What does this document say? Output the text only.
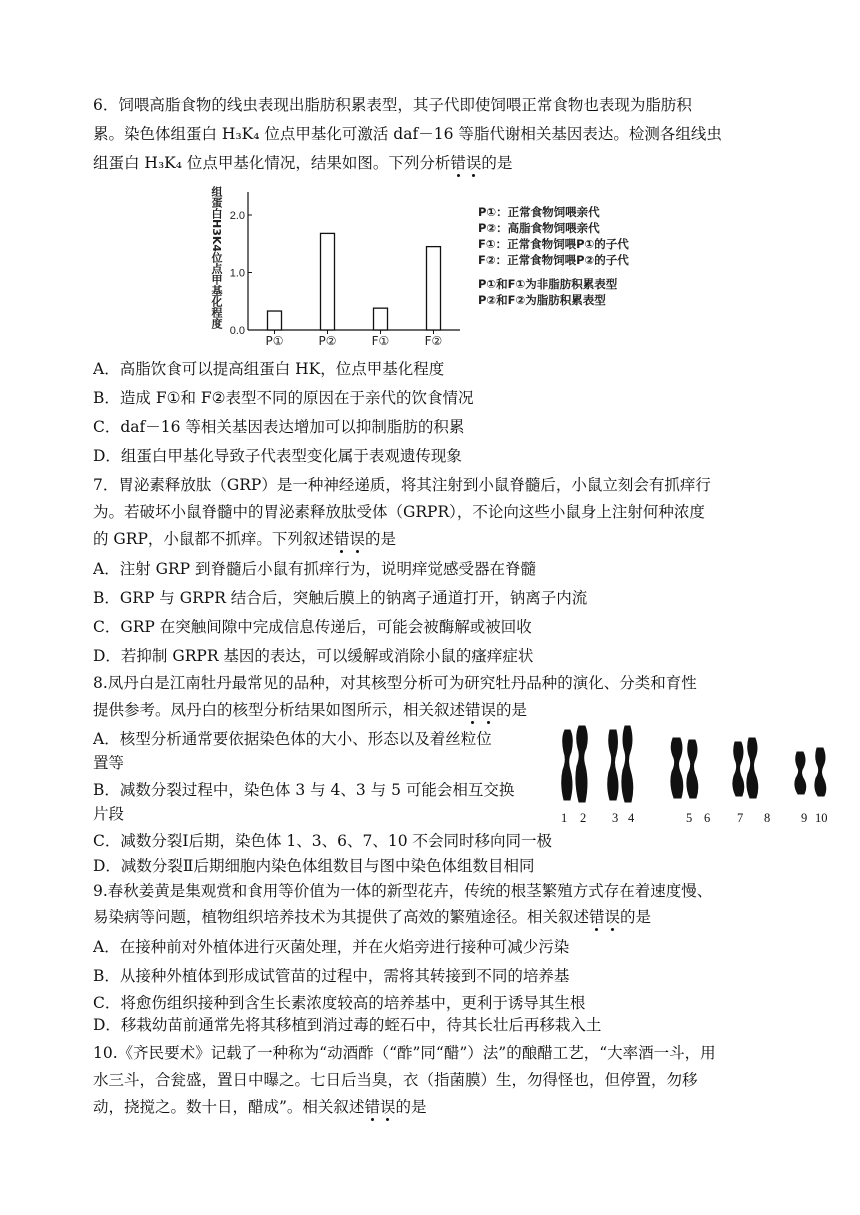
6．饲喂高脂食物的线虫表现出脂肪积累表型，其子代即使饲喂正常食物也表现为脂肪积
累。染色体组蛋白 H₃K₄ 位点甲基化可激活 daf－16 等脂代谢相关基因表达。检测各组线虫
组蛋白 H₃K₄ 位点甲基化情况，结果如图。下列分析错误的是
组蛋白H3K4位点甲基化程度
0.0
1.0
2.0
P①	P②	F①	F②
P①：正常食物饲喂亲代
P②：高脂食物饲喂亲代
F①：正常食物饲喂P①的子代
F②：正常食物饲喂P②的子代
P①和F①为非脂肪积累表型
P②和F②为脂肪积累表型
A．高脂饮食可以提高组蛋白 HK，位点甲基化程度
B．造成 F①和 F②表型不同的原因在于亲代的饮食情况
C．daf－16 等相关基因表达增加可以抑制脂肪的积累
D．组蛋白甲基化导致子代表型变化属于表观遗传现象
7．胃泌素释放肽（GRP）是一种神经递质，将其注射到小鼠脊髓后，小鼠立刻会有抓痒行
为。若破坏小鼠脊髓中的胃泌素释放肽受体（GRPR），不论向这些小鼠身上注射何种浓度
的 GRP，小鼠都不抓痒。下列叙述错误的是
A．注射 GRP 到脊髓后小鼠有抓痒行为，说明痒觉感受器在脊髓
B．GRP 与 GRPR 结合后，突触后膜上的钠离子通道打开，钠离子内流
C．GRP 在突触间隙中完成信息传递后，可能会被酶解或被回收
D．若抑制 GRPR 基因的表达，可以缓解或消除小鼠的瘙痒症状
8.凤丹白是江南牡丹最常见的品种，对其核型分析可为研究牡丹品种的演化、分类和育性
提供参考。凤丹白的核型分析结果如图所示，相关叙述错误的是
A．核型分析通常要依据染色体的大小、形态以及着丝粒位
置等
B．减数分裂过程中，染色体 3 与 4、3 与 5 可能会相互交换
片段
C．减数分裂Ⅰ后期，染色体 1、3、6、7、10 不会同时移向同一极
D．减数分裂Ⅱ后期细胞内染色体组数目与图中染色体组数目相同
1 2 3 4	5 6 7 8 9 10
9.春秋姜黄是集观赏和食用等价值为一体的新型花卉，传统的根茎繁殖方式存在着速度慢、
易染病等问题，植物组织培养技术为其提供了高效的繁殖途径。相关叙述错误的是
A．在接种前对外植体进行灭菌处理，并在火焰旁进行接种可减少污染
B．从接种外植体到形成试管苗的过程中，需将其转接到不同的培养基
C．将愈伤组织接种到含生长素浓度较高的培养基中，更利于诱导其生根
D．移栽幼苗前通常先将其移植到消过毒的蛭石中，待其长壮后再移栽入土
10.《齐民要术》记载了一种称为“动酒酢（“酢”同“醋”）法”的酿醋工艺，“大率酒一斗，用
水三斗，合瓮盛，置日中曝之。七日后当臭，衣（指菌膜）生，勿得怪也，但停置，勿移
动，挠搅之。数十日，醋成”。相关叙述错误的是
